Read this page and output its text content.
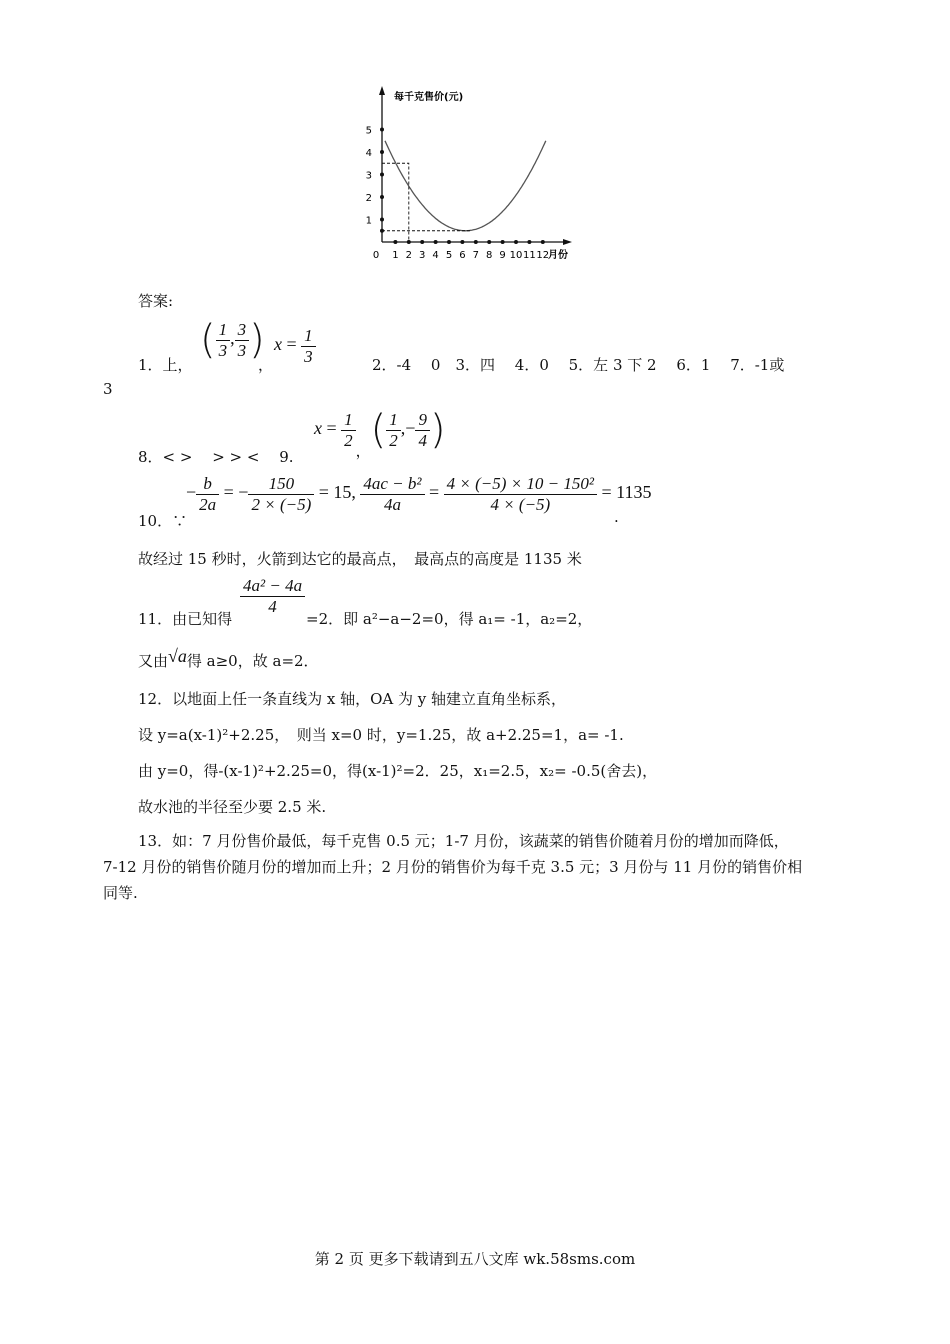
每千克售价(元)
月份
5
4
3
2
1
0 1 2 3 4 5 6 7 8 9 10 11 12
答案:
1．上，
( $\frac{1}{3}$ , $\frac{3}{3}$ )
，
$x = \frac{1}{3}$	2．-4　 0　3．四　 4．0　 5．左 3 下 2　 6．1　 7．-1或
3
8．< >　 > > <　 9.
$x = \frac{1}{2}$
，( $\frac{1}{2}$ ,− $\frac{9}{4}$ )
10．∵
− $\frac{b}{2a}$ = − $\frac{150}{2 \times (-5)} = 15$, $\frac{\text{4ac − b²}}{4a} = \frac{\text{4 × (−5) × 10 − 150²}}{4 \times (-5)} = 1135$
.
故经过 15 秒时，火箭到达它的最高点，　最高点的高度是 1135 米
11．由已知得
$\frac{\text{4a² − 4a}}{4}$
=2．即 a²−a−2=0，得 a₁= -1，a₂=2，
又由√a得 a≥0，故 a=2．
12．以地面上任一条直线为 x 轴，OA 为 y 轴建立直角坐标系，
设 y=a(x-1)²+2.25，　则当 x=0 时，y=1.25，故 a+2.25=1，a= -1.
由 y=0，得-(x-1)²+2.25=0，得(x-1)²=2．25，x₁=2.5，x₂= -0.5(舍去)，
故水池的半径至少要 2.5 米.
13．如：7 月份售价最低，每千克售 0.5 元；1-7 月份，该蔬菜的销售价随着月份的增加而降低，
7-12 月份的销售价随月份的增加而上升；2 月份的销售价为每千克 3.5 元；3 月份与 11 月份的销售价相
同等.
第 2 页 更多下载请到五八文库 wk.58sms.com
